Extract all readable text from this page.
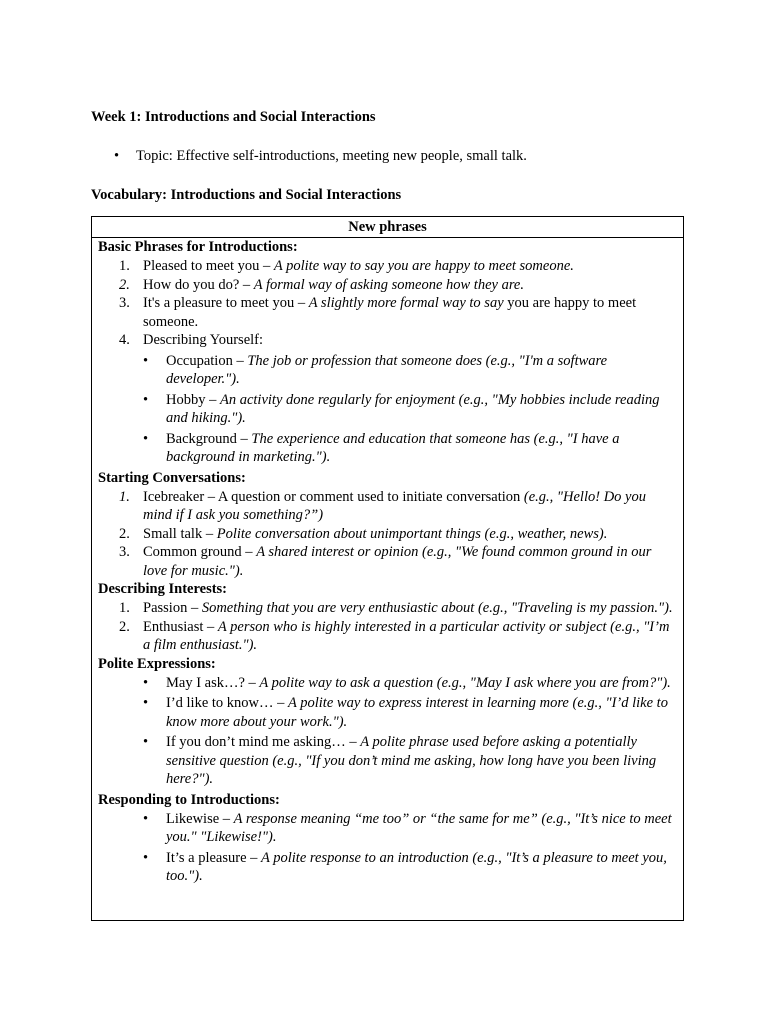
Week 1: Introductions and Social Interactions
• Topic: Effective self-introductions, meeting new people, small talk.
Vocabulary: Introductions and Social Interactions
New phrases
Basic Phrases for Introductions:
1. Pleased to meet you – A polite way to say you are happy to meet someone.
2. How do you do? – A formal way of asking someone how they are.
3. It's a pleasure to meet you – A slightly more formal way to say you are happy to meet someone.
4. Describing Yourself:
• Occupation – The job or profession that someone does (e.g., "I'm a software developer.").
• Hobby – An activity done regularly for enjoyment (e.g., "My hobbies include reading and hiking.").
• Background – The experience and education that someone has (e.g., "I have a background in marketing.").
Starting Conversations:
1. Icebreaker – A question or comment used to initiate conversation (e.g., "Hello! Do you mind if I ask you something?”)
2. Small talk – Polite conversation about unimportant things (e.g., weather, news).
3. Common ground – A shared interest or opinion (e.g., "We found common ground in our love for music.").
Describing Interests:
1. Passion – Something that you are very enthusiastic about (e.g., "Traveling is my passion.").
2. Enthusiast – A person who is highly interested in a particular activity or subject (e.g., "I’m a film enthusiast.").
Polite Expressions:
• May I ask…? – A polite way to ask a question (e.g., "May I ask where you are from?").
• I’d like to know… – A polite way to express interest in learning more (e.g., "I’d like to know more about your work.").
• If you don’t mind me asking… – A polite phrase used before asking a potentially sensitive question (e.g., "If you don’t mind me asking, how long have you been living here?").
Responding to Introductions:
• Likewise – A response meaning “me too” or “the same for me” (e.g., "It’s nice to meet you." "Likewise!").
• It’s a pleasure – A polite response to an introduction (e.g., "It’s a pleasure to meet you, too.").
